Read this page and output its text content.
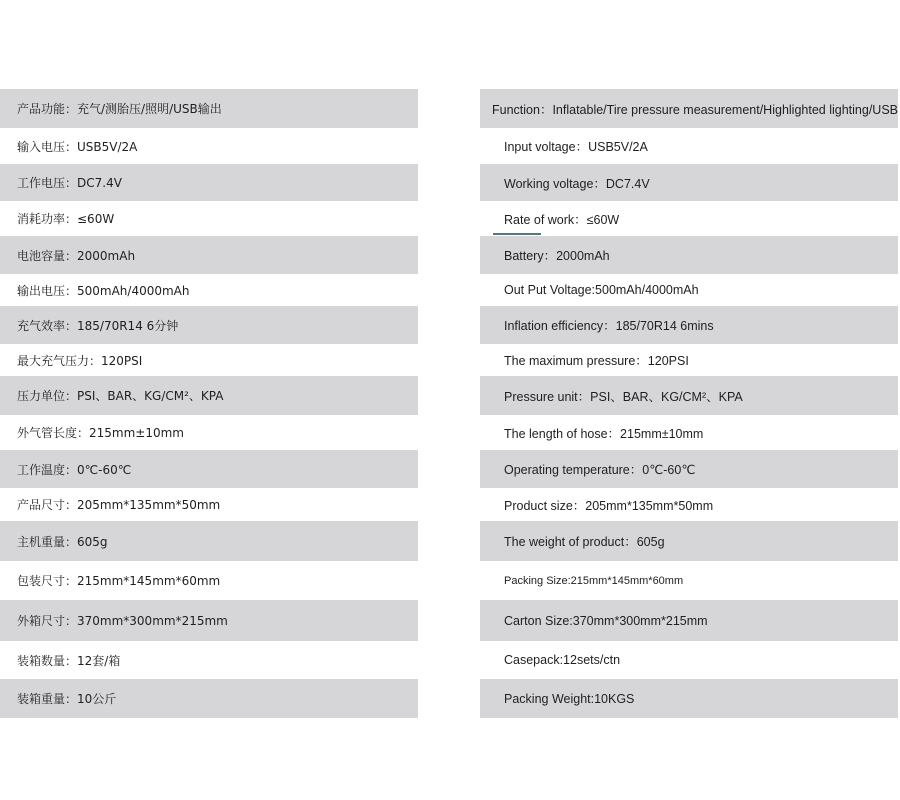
产品功能：充气/测胎压/照明/USB输出
输入电压：USB5V/2A
工作电压：DC7.4V
消耗功率：≤60W
电池容量：2000mAh
输出电压：500mAh/4000mAh
充气效率：185/70R14 6分钟
最大充气压力：120PSI
压力单位：PSI、BAR、KG/CM²、KPA
外气管长度：215mm±10mm
工作温度：0℃-60℃
产品尺寸：205mm*135mm*50mm
主机重量：605g
包装尺寸：215mm*145mm*60mm
外箱尺寸：370mm*300mm*215mm
装箱数量：12套/箱
装箱重量：10公斤
Function：Inflatable/Tire pressure measurement/Highlighted lighting/USB
Input voltage：USB5V/2A
Working voltage：DC7.4V
Rate of work：≤60W
Battery：2000mAh
Out Put Voltage:500mAh/4000mAh
Inflation efficiency：185/70R14 6mins
The maximum pressure：120PSI
Pressure unit：PSI、BAR、KG/CM²、KPA
The length of hose：215mm±10mm
Operating temperature：0℃-60℃
Product size：205mm*135mm*50mm
The weight of product：605g
Packing Size:215mm*145mm*60mm
Carton Size:370mm*300mm*215mm
Casepack:12sets/ctn
Packing Weight:10KGS
